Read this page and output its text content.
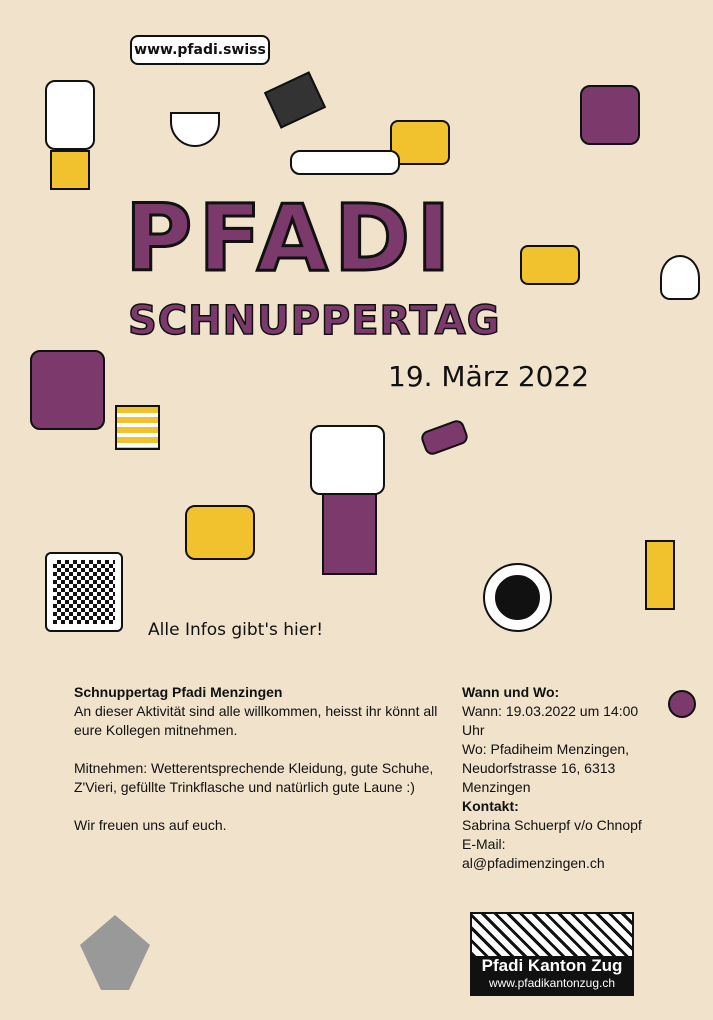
www.pfadi.swiss
PFADI
SCHNUPPERTAG
19. März 2022
Alle Infos gibt's hier!
Schnuppertag Pfadi Menzingen

An dieser Aktivität sind alle willkommen, heisst ihr könnt all eure Kollegen mitnehmen.

Mitnehmen: Wetterentsprechende Kleidung, gute Schuhe, Z'Vieri, gefüllte Trinkflasche und natürlich gute Laune :)

Wir freuen uns auf euch.

Wann und Wo:
Wann: 19.03.2022 um 14:00 Uhr
Wo: Pfadiheim Menzingen, Neudorfstrasse 16, 6313 Menzingen
Kontakt:
Sabrina Schuerpf v/o Chnopf
E-Mail:
al@pfadimenzingen.ch
Pfadi Kanton Zug
www.pfadikantonzug.ch
